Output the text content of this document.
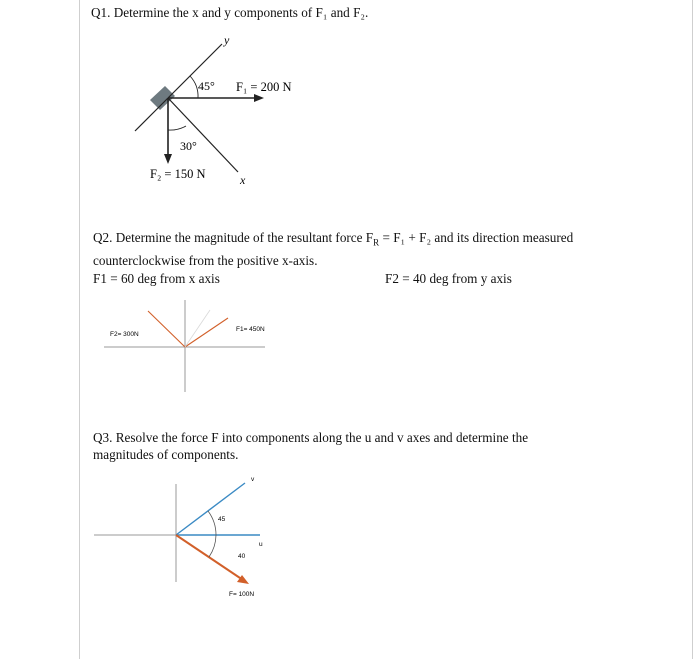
Q1. Determine the x and y components of F₁ and F₂.

y
x
45°
30°
F₁ = 200 N
F₂ = 150 N

Q2. Determine the magnitude of the resultant force $F_R = F_1 + F_2$ and its direction measured
counterclockwise from the positive x-axis.

F1 = 60 deg from x axis	F2 = 40 deg from y axis
F1= 450N
F2= 300N

Q3. Resolve the force F into components along the u and v axes and determine the
magnitudes of components.

v
u
45
40
F= 100N
